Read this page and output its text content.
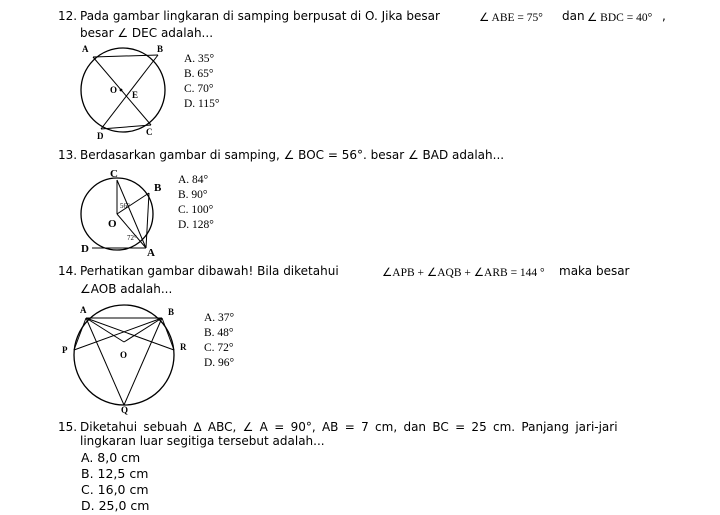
12. Pada gambar lingkaran di samping berpusat di O. Jika besar	∠ ABE = 75° dan ∠ BDC = 40° ,
besar ∠ DEC adalah...
A	B
O E
D	C
A. 35°
B. 65°
C. 70°
D. 115°
13. Berdasarkan gambar di samping, ∠ BOC = 56°. besar ∠ BAD adalah...
C
B
O
D	A
56°
72°
A. 84°
B. 90°
C. 100°
D. 128°
14. Perhatikan gambar dibawah! Bila diketahui	∠APB + ∠AQB + ∠ARB = 144 ° maka besar
∠AOB adalah...
A	B
P	O
R
Q
A. 37°
B. 48°
C. 72°
D. 96°
15. Diketahui sebuah ∆ ABC, ∠ A = 90°, AB = 7 cm, dan BC = 25 cm. Panjang jari-jari
lingkaran luar segitiga tersebut adalah...
A. 8,0 cm
B. 12,5 cm
C. 16,0 cm
D. 25,0 cm
